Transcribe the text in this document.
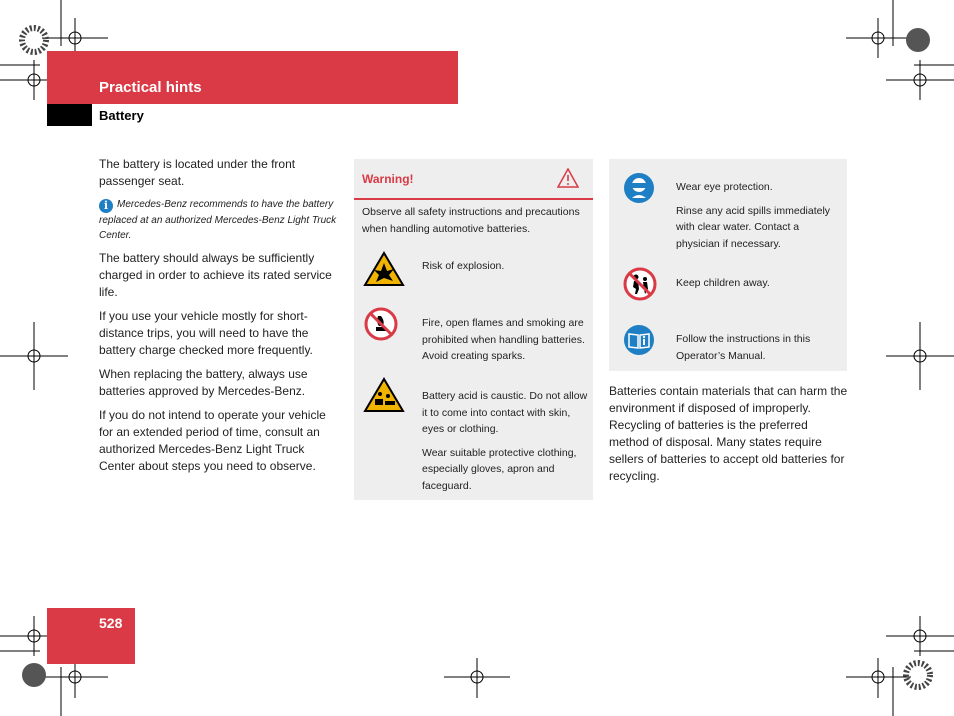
Practical hints
Battery

The battery is located under the front passenger seat.

i Mercedes-Benz recommends to have the battery replaced at an authorized Mercedes-Benz Light Truck Center.

The battery should always be sufficiently charged in order to achieve its rated service life.

If you use your vehicle mostly for short-distance trips, you will need to have the battery charge checked more frequently.

When replacing the battery, always use batteries approved by Mercedes-Benz.

If you do not intend to operate your vehicle for an extended period of time, consult an authorized Mercedes-Benz Light Truck Center about steps you need to observe.

Warning!
Observe all safety instructions and precautions when handling automotive batteries.
Risk of explosion.
Fire, open flames and smoking are prohibited when handling batteries. Avoid creating sparks.

Battery acid is caustic. Do not allow it to come into contact with skin, eyes or clothing.

Wear suitable protective clothing, especially gloves, apron and faceguard.

Wear eye protection.

Rinse any acid spills immediately with clear water. Contact a physician if necessary.

Keep children away.
Follow the instructions in this Operator’s Manual.
Batteries contain materials that can harm the environment if disposed of improperly. Recycling of batteries is the preferred method of disposal. Many states require sellers of batteries to accept old batteries for recycling.
528
